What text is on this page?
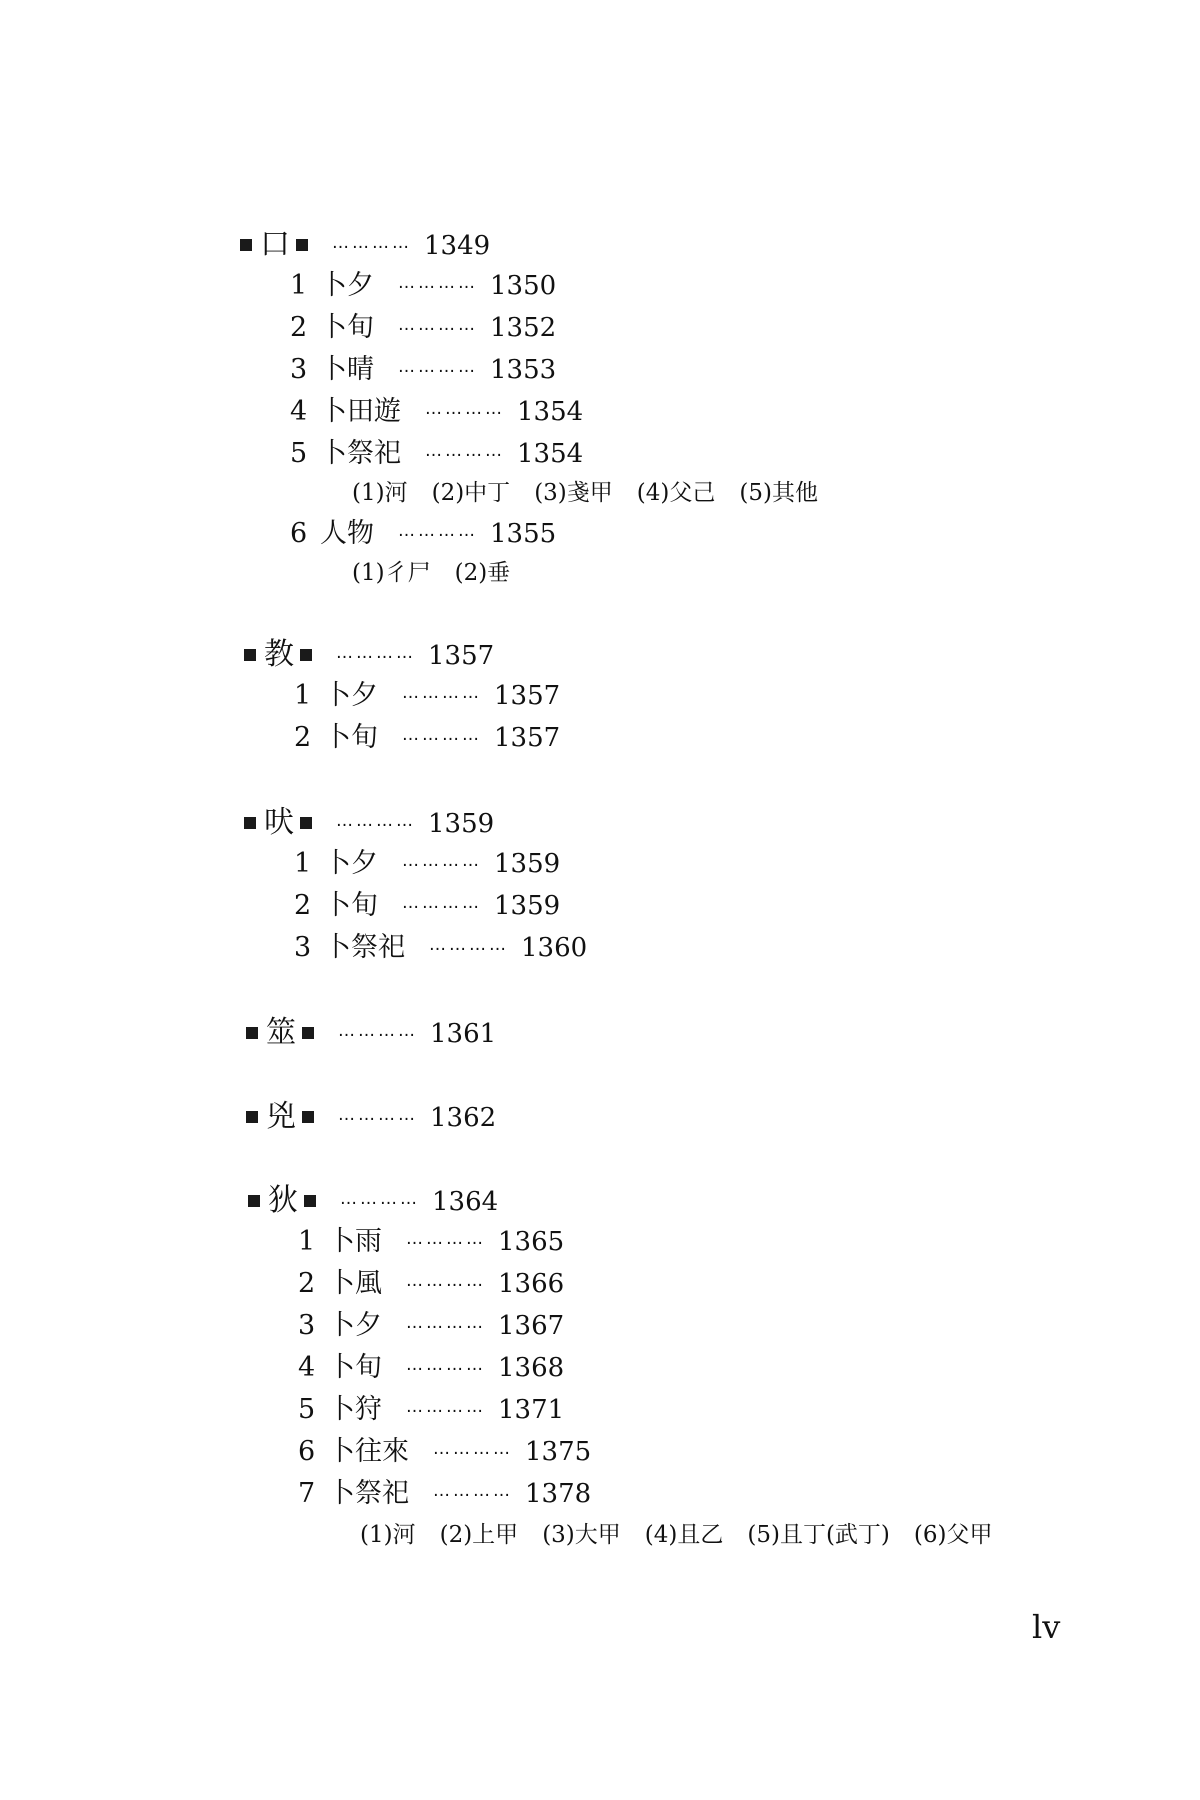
口 ………… 1349
1 卜夕 ………… 1350
2 卜旬 ………… 1352
3 卜晴 ………… 1353
4 卜田遊 ………… 1354
5 卜祭祀 ………… 1354
(1)河 (2)中丁 (3)戔甲 (4)父己 (5)其他
6 人物 ………… 1355
(1)彳尸 (2)垂
教 ………… 1357
1 卜夕 ………… 1357
2 卜旬 ………… 1357
吠 ………… 1359
1 卜夕 ………… 1359
2 卜旬 ………… 1359
3 卜祭祀 ………… 1360
筮 ………… 1361
兇 ………… 1362
狄 ………… 1364
1 卜雨 ………… 1365
2 卜風 ………… 1366
3 卜夕 ………… 1367
4 卜旬 ………… 1368
5 卜狩 ………… 1371
6 卜往來 ………… 1375
7 卜祭祀 ………… 1378
(1)河 (2)上甲 (3)大甲 (4)且乙 (5)且丁(武丁) (6)父甲
lv
